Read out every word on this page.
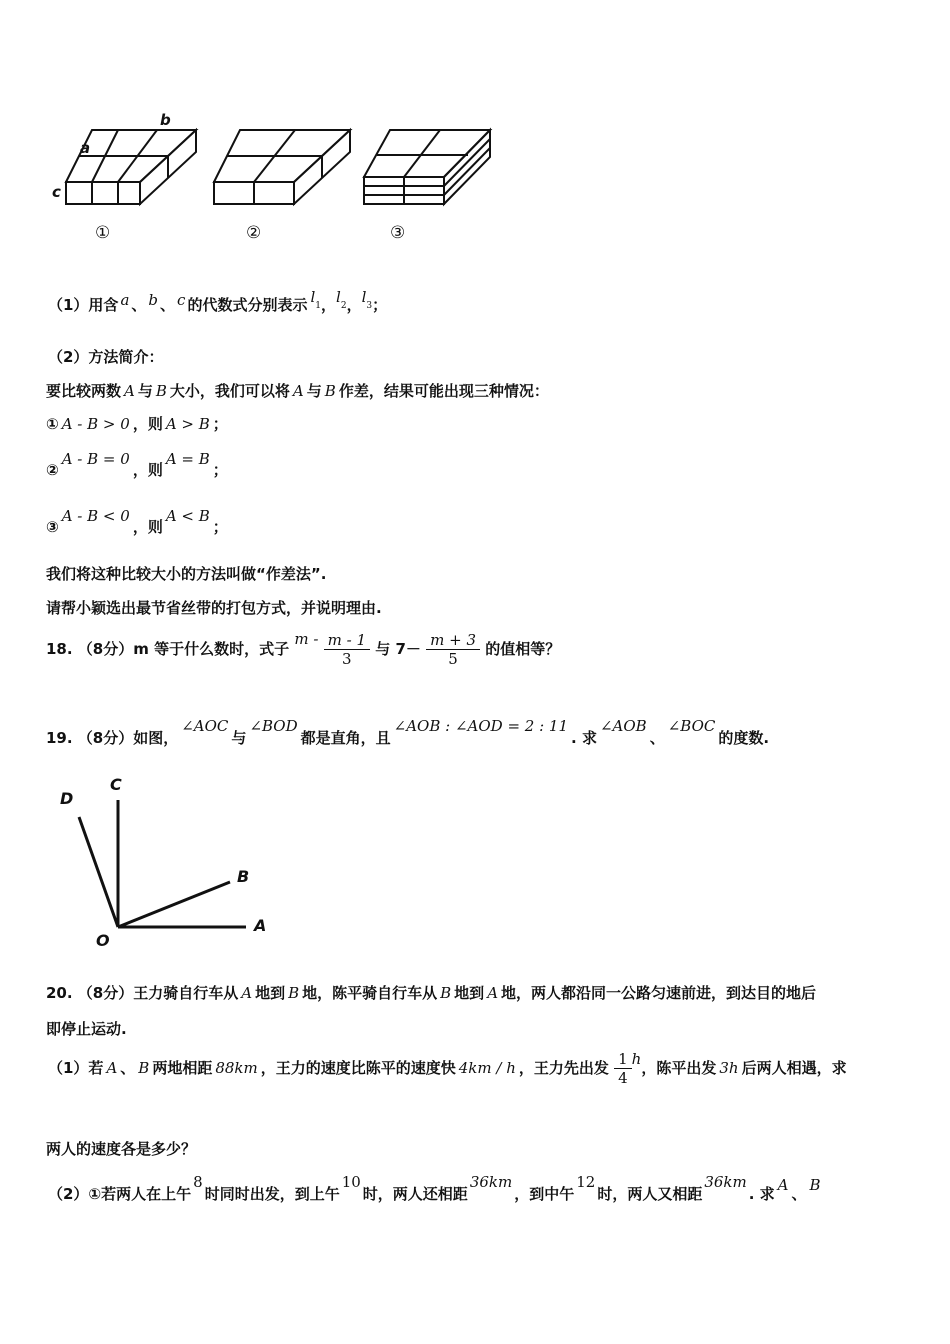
b
a
c
①	②	③
（1）用含 a 、 b 、 c 的代数式分别表示 l1，l2，l3；
（2）方法简介：
要比较两数 A 与 B 大小，我们可以将 A 与 B 作差，结果可能出现三种情况：
① A - B > 0 ，则 A > B ；
②A - B = 0，则A = B；
③A - B < 0，则A < B；
我们将这种比较大小的方法叫做“作差法”.
请帮小颖选出最节省丝带的打包方式，并说明理由.
18. （8分）m 等于什么数时，式子 m - $\frac{m - 1}{3}$ 与 $7- \frac{m + 3}{5}$ 的值相等？
19. （8分）如图，∠AOC与∠BOD都是直角，且∠AOB : ∠AOD = 2 : 11. 求∠AOB、∠BOC的度数.
D
C
B
A
O
20. （8分）王力骑自行车从 A 地到 B 地，陈平骑自行车从 B 地到 A 地，两人都沿同一公路匀速前进，到达目的地后
即停止运动.
（1）若 A 、 B 两地相距 88km ，王力的速度比陈平的速度快 4km / h ，王力先出发 $\frac{1}{4}$ h，陈平出发 3h 后两人相遇，求
两人的速度各是多少？
（2）①若两人在上午8时同时出发，到上午10时，两人还相距36km，到中午12时，两人又相距36km. 求 A 、 B
